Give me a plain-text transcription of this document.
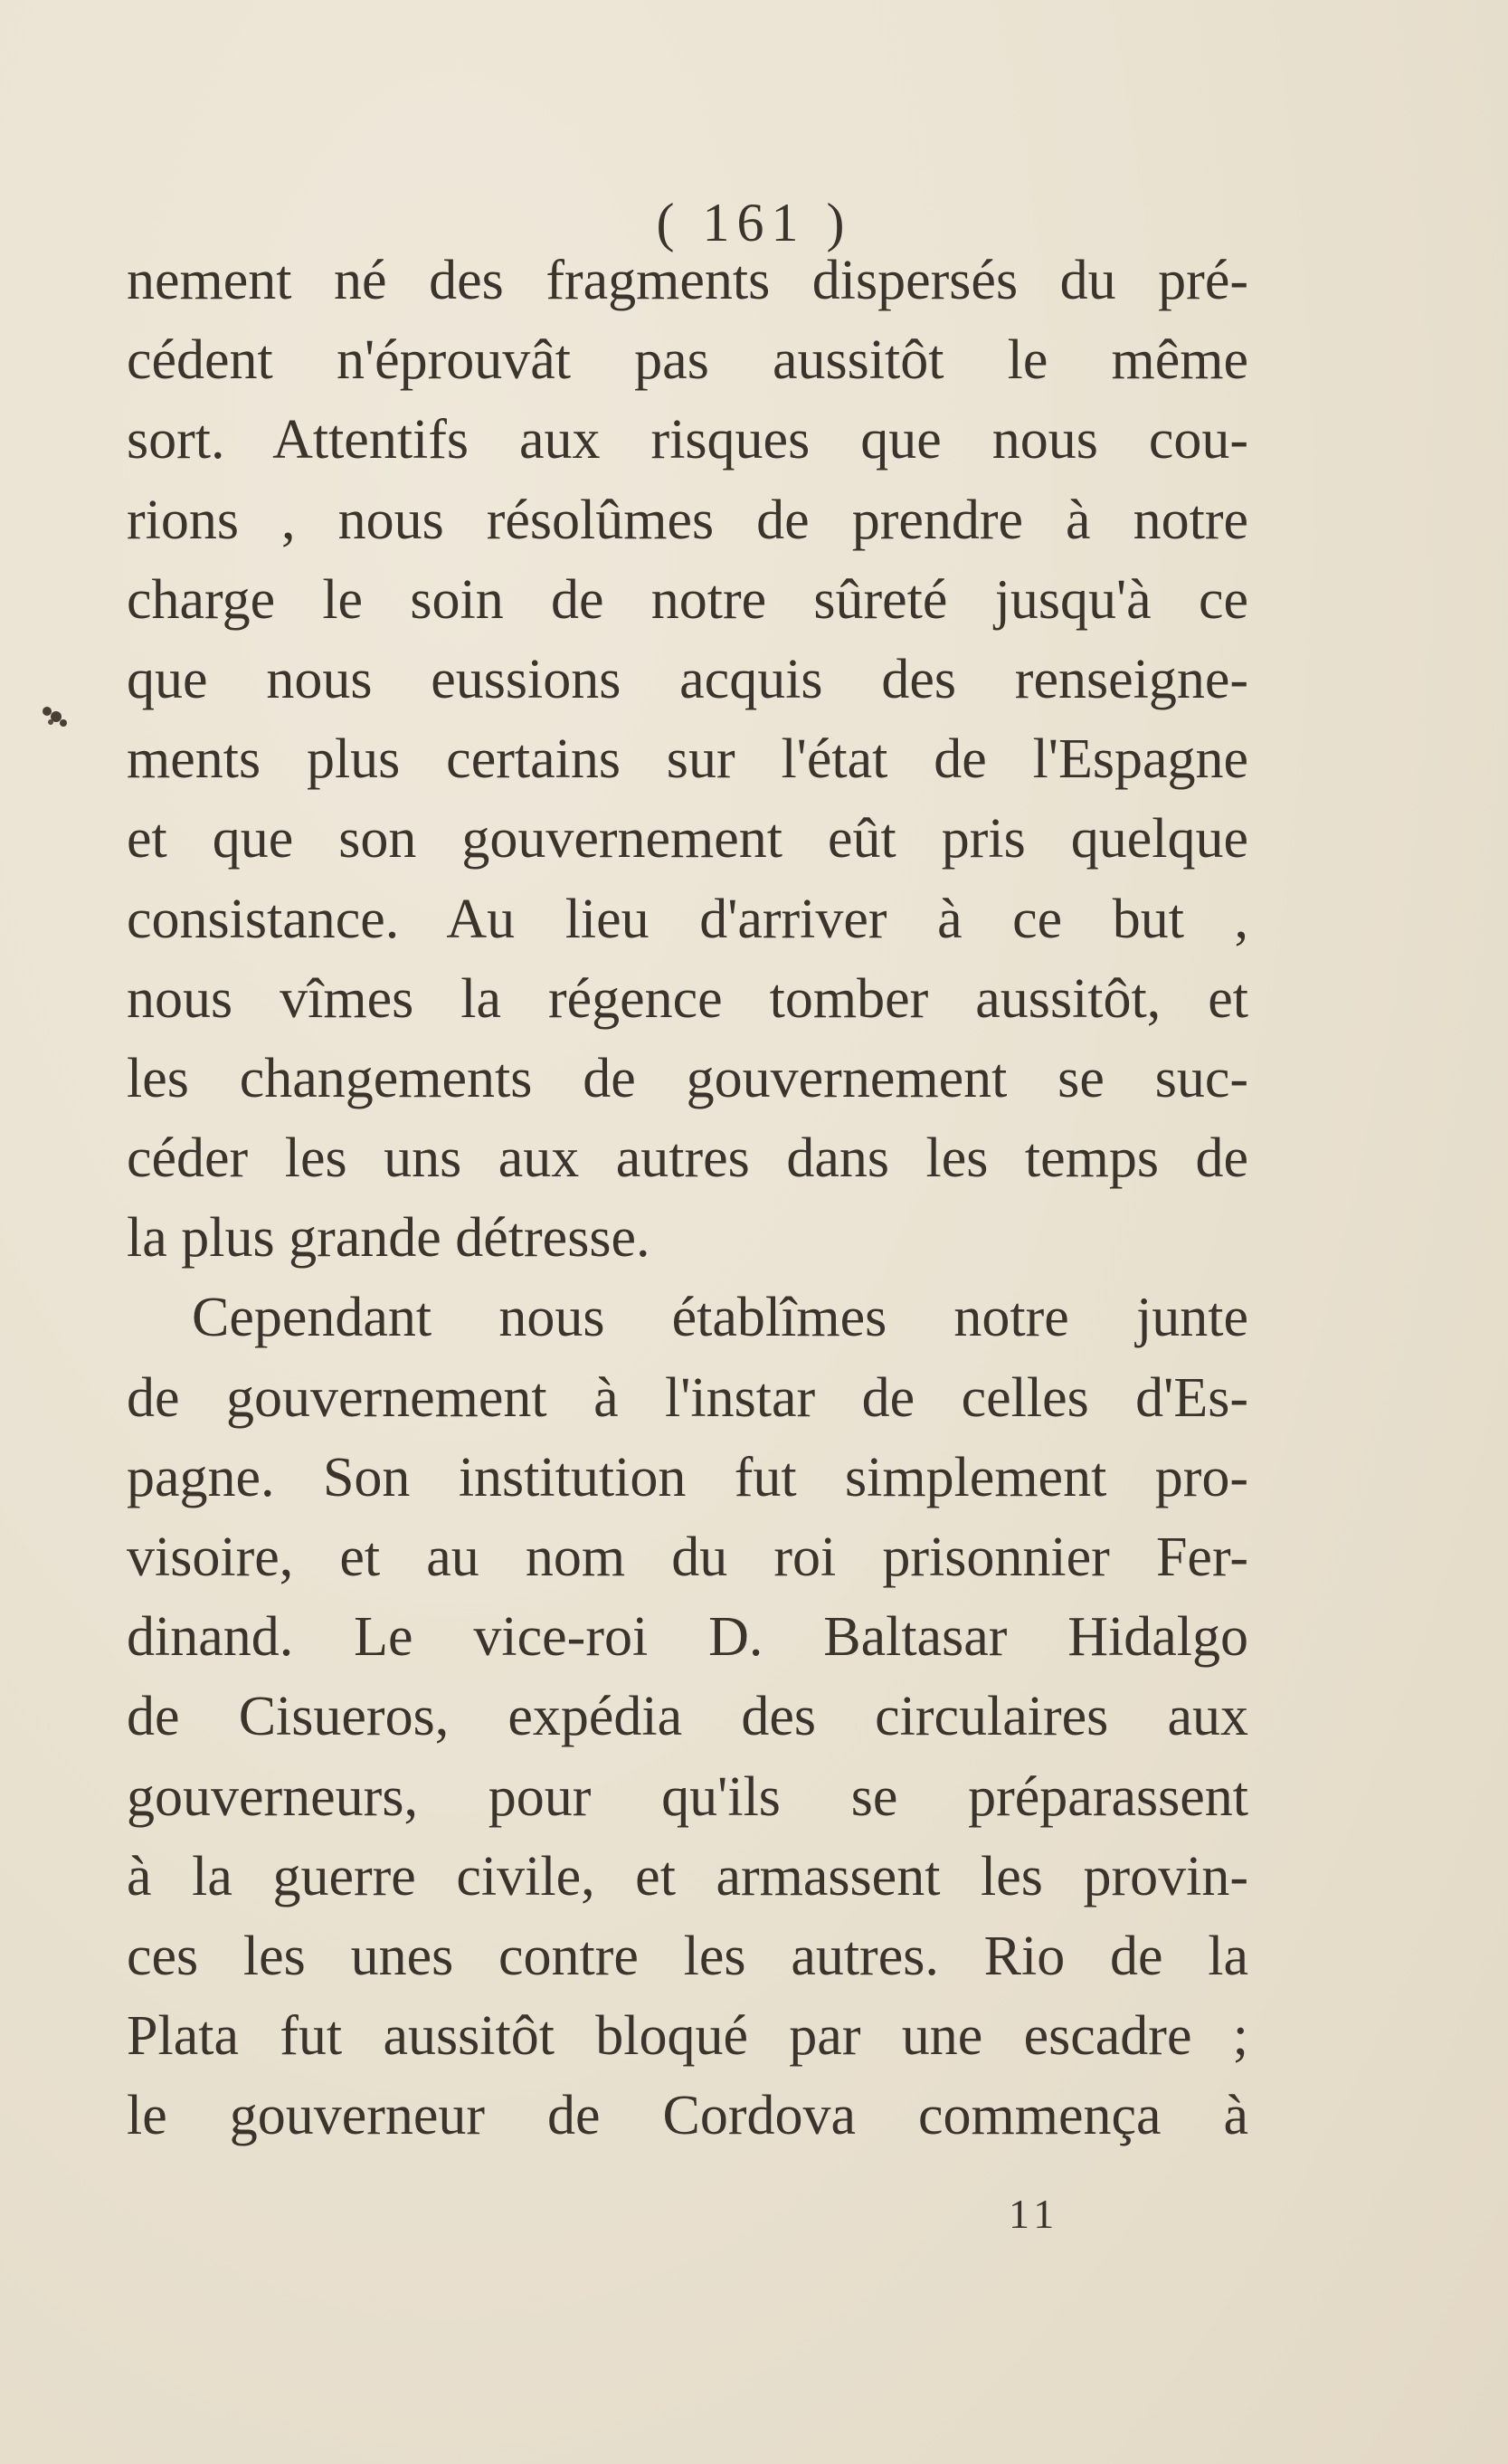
( 161 )
nement né des fragments dispersés du pré-
cédent n'éprouvât pas aussitôt le même
sort. Attentifs aux risques que nous cou-
rions , nous résolûmes de prendre à notre
charge le soin de notre sûreté jusqu'à ce
que nous eussions acquis des renseigne-
ments plus certains sur l'état de l'Espagne
et que son gouvernement eût pris quelque
consistance. Au lieu d'arriver à ce but ,
nous vîmes la régence tomber aussitôt, et
les changements de gouvernement se suc-
céder les uns aux autres dans les temps de
la plus grande détresse.
Cependant nous établîmes notre junte
de gouvernement à l'instar de celles d'Es-
pagne. Son institution fut simplement pro-
visoire, et au nom du roi prisonnier Fer-
dinand. Le vice-roi D. Baltasar Hidalgo
de Cisueros, expédia des circulaires aux
gouverneurs, pour qu'ils se préparassent
à la guerre civile, et armassent les provin-
ces les unes contre les autres. Rio de la
Plata fut aussitôt bloqué par une escadre ;
le gouverneur de Cordova commença à
11
